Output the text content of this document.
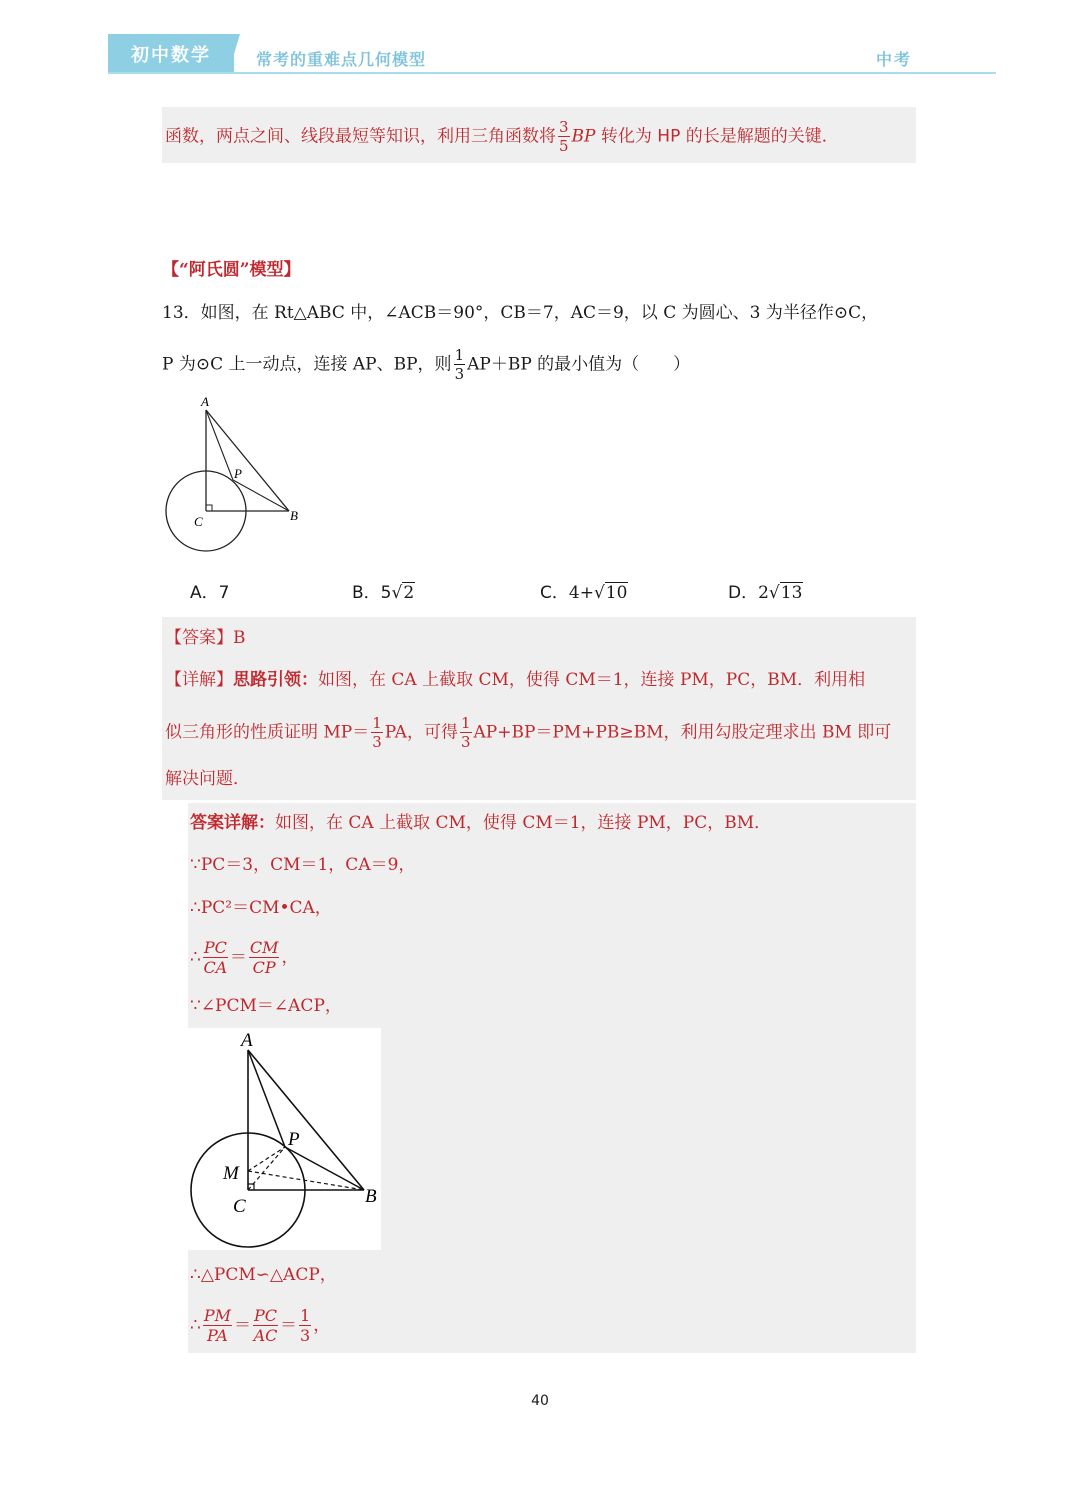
初中数学	常考的重难点几何模型	中考
函数，两点之间、线段最短等知识，利用三角函数将 $\frac{3}{5}$ BP 转化为 HP 的长是解题的关键．
【“阿氏圆”模型】
13．如图，在 Rt△ABC 中，∠ACB＝90°，CB＝7，AC＝9，以 C 为圆心、3 为半径作⊙C，
P 为⊙C 上一动点，连接 AP、BP，则 $\frac{1}{3} AP+BP$ 的最小值为（　　）
A
P
C	B
A．7	B．5√2	C．4+√10	D．2√13
【答案】B
【详解】思路引领：如图，在 CA 上截取 CM，使得 CM＝1，连接 PM，PC，BM．利用相
似三角形的性质证明 $MP= \frac{1}{3}$ PA，可得 $\frac{1}{3} AP+BP=PM+PB\ge BM$，利用勾股定理求出 BM 即可
解决问题．
答案详解：如图，在 CA 上截取 CM，使得 CM＝1，连接 PM，PC，BM．
∵PC＝3，CM＝1，CA＝9，
∴PC²＝CM•CA，
∴ $\frac{PC}{CA} = \frac{CM}{CP}$ ，
∵∠PCM＝∠ACP，
A
P
M
C	B
∴△PCM∽△ACP，
∴ $\frac{PM}{PA} = \frac{PC}{AC} = \frac{1}{3}$ ，
40
